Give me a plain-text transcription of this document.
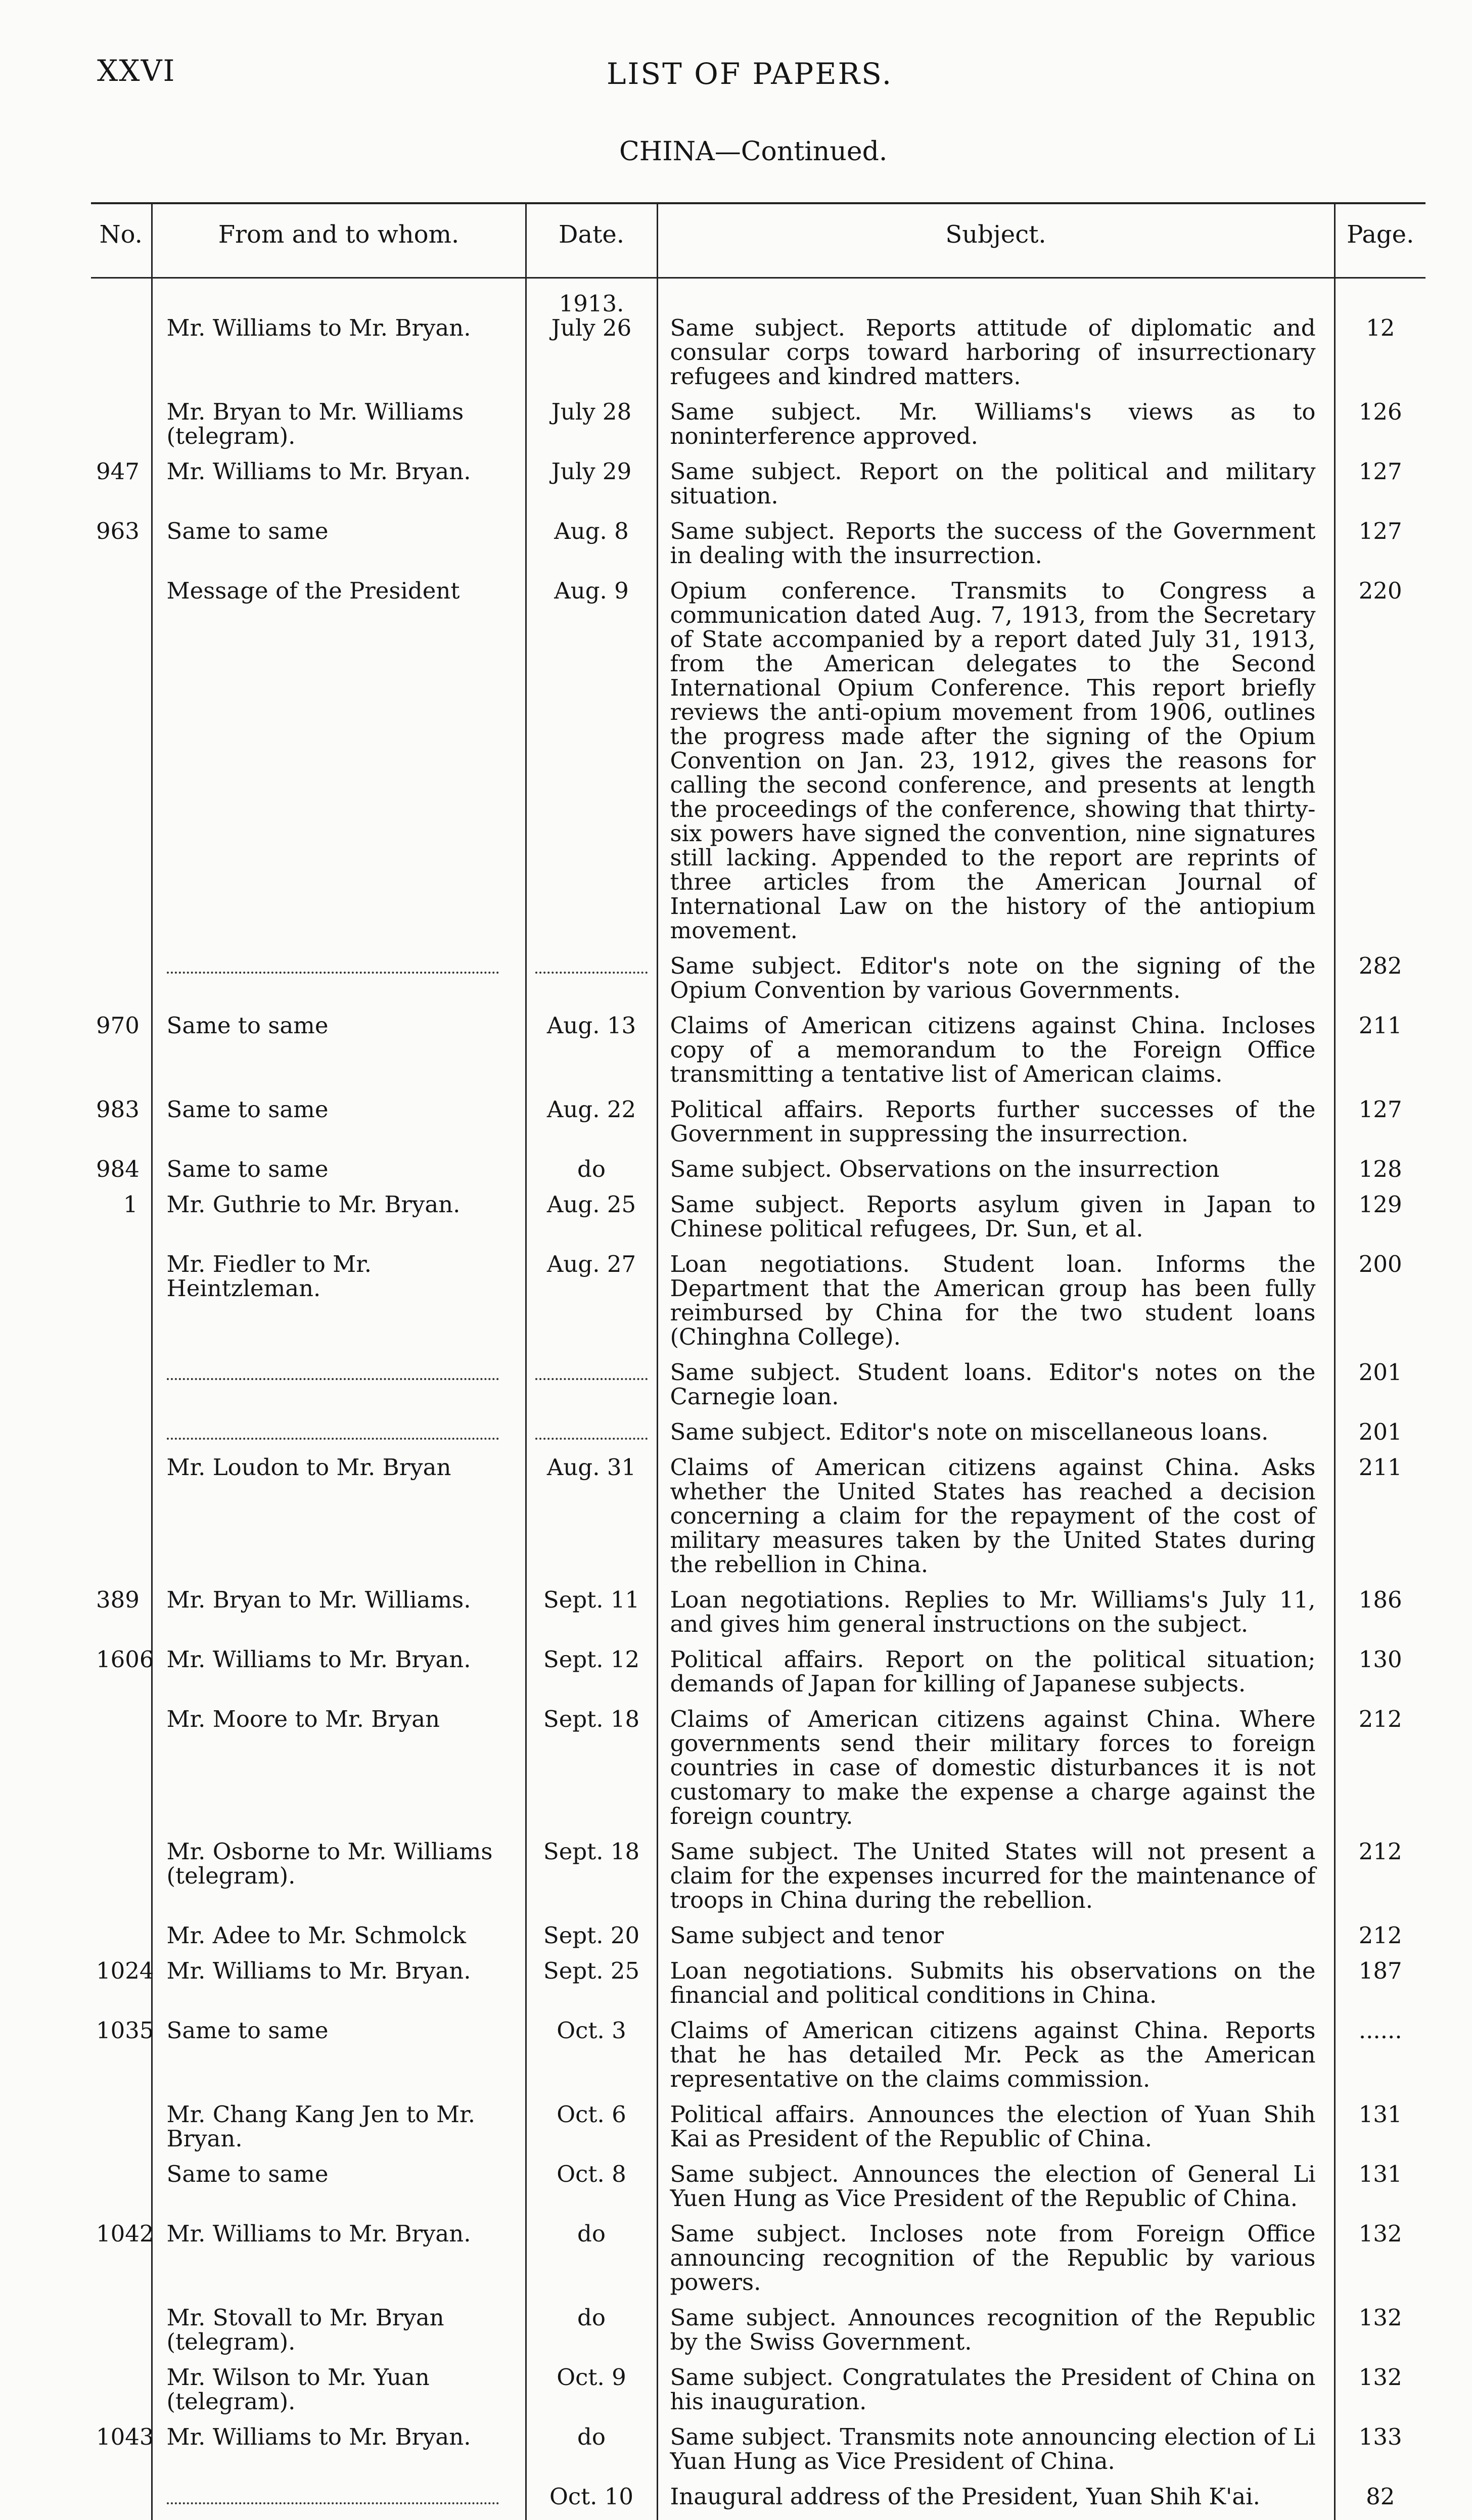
XXVI	LIST OF PAPERS.
CHINA—Continued.
No.	From and to whom.	Date.	Subject.	Page.
		1913.		
	Mr. Williams to Mr. Bryan.	July 26	Same subject. Reports attitude of diplomatic and consular corps toward harboring of insurrectionary refugees and kindred matters.	12
	Mr. Bryan to Mr. Williams (telegram).	July 28	Same subject. Mr. Williams's views as to noninterference approved.	126
947	Mr. Williams to Mr. Bryan.	July 29	Same subject. Report on the political and military situation.	127
963	Same to same	Aug. 8	Same subject. Reports the success of the Government in dealing with the insurrection.	127
	Message of the President	Aug. 9	Opium conference. Transmits to Congress a communication dated Aug. 7, 1913, from the Secretary of State accompanied by a report dated July 31, 1913, from the American delegates to the Second International Opium Conference. This report briefly reviews the anti-opium movement from 1906, outlines the progress made after the signing of the Opium Convention on Jan. 23, 1912, gives the reasons for calling the second conference, and presents at length the proceedings of the conference, showing that thirty-six powers have signed the convention, nine signatures still lacking. Appended to the report are reprints of three articles from the American Journal of International Law on the history of the antiopium movement.	220
			Same subject. Editor's note on the signing of the Opium Convention by various Governments.	282
970	Same to same	Aug. 13	Claims of American citizens against China. Incloses copy of a memorandum to the Foreign Office transmitting a tentative list of American claims.	211
983	Same to same	Aug. 22	Political affairs. Reports further successes of the Government in suppressing the insurrection.	127
984	Same to same	do	Same subject. Observations on the insurrection	128
1	Mr. Guthrie to Mr. Bryan.	Aug. 25	Same subject. Reports asylum given in Japan to Chinese political refugees, Dr. Sun, et al.	129
	Mr. Fiedler to Mr. Heintzleman.	Aug. 27	Loan negotiations. Student loan. Informs the Department that the American group has been fully reimbursed by China for the two student loans (Chinghna College).	200
			Same subject. Student loans. Editor's notes on the Carnegie loan.	201
			Same subject. Editor's note on miscellaneous loans.	201
	Mr. Loudon to Mr. Bryan	Aug. 31	Claims of American citizens against China. Asks whether the United States has reached a decision concerning a claim for the repayment of the cost of military measures taken by the United States during the rebellion in China.	211
389	Mr. Bryan to Mr. Williams.	Sept. 11	Loan negotiations. Replies to Mr. Williams's July 11, and gives him general instructions on the subject.	186
1606	Mr. Williams to Mr. Bryan.	Sept. 12	Political affairs. Report on the political situation; demands of Japan for killing of Japanese subjects.	130
	Mr. Moore to Mr. Bryan	Sept. 18	Claims of American citizens against China. Where governments send their military forces to foreign countries in case of domestic disturbances it is not customary to make the expense a charge against the foreign country.	212
	Mr. Osborne to Mr. Williams (telegram).	Sept. 18	Same subject. The United States will not present a claim for the expenses incurred for the maintenance of troops in China during the rebellion.	212
	Mr. Adee to Mr. Schmolck	Sept. 20	Same subject and tenor	212
1024	Mr. Williams to Mr. Bryan.	Sept. 25	Loan negotiations. Submits his observations on the financial and political conditions in China.	187
1035	Same to same	Oct. 3	Claims of American citizens against China. Reports that he has detailed Mr. Peck as the American representative on the claims commission.	......
	Mr. Chang Kang Jen to Mr. Bryan.	Oct. 6	Political affairs. Announces the election of Yuan Shih Kai as President of the Republic of China.	131
	Same to same	Oct. 8	Same subject. Announces the election of General Li Yuen Hung as Vice President of the Republic of China.	131
1042	Mr. Williams to Mr. Bryan.	do	Same subject. Incloses note from Foreign Office announcing recognition of the Republic by various powers.	132
	Mr. Stovall to Mr. Bryan (telegram).	do	Same subject. Announces recognition of the Republic by the Swiss Government.	132
	Mr. Wilson to Mr. Yuan (telegram).	Oct. 9	Same subject. Congratulates the President of China on his inauguration.	132
1043	Mr. Williams to Mr. Bryan.	do	Same subject. Transmits note announcing election of Li Yuan Hung as Vice President of China.	133
		Oct. 10	Inaugural address of the President, Yuan Shih K'ai.	82
